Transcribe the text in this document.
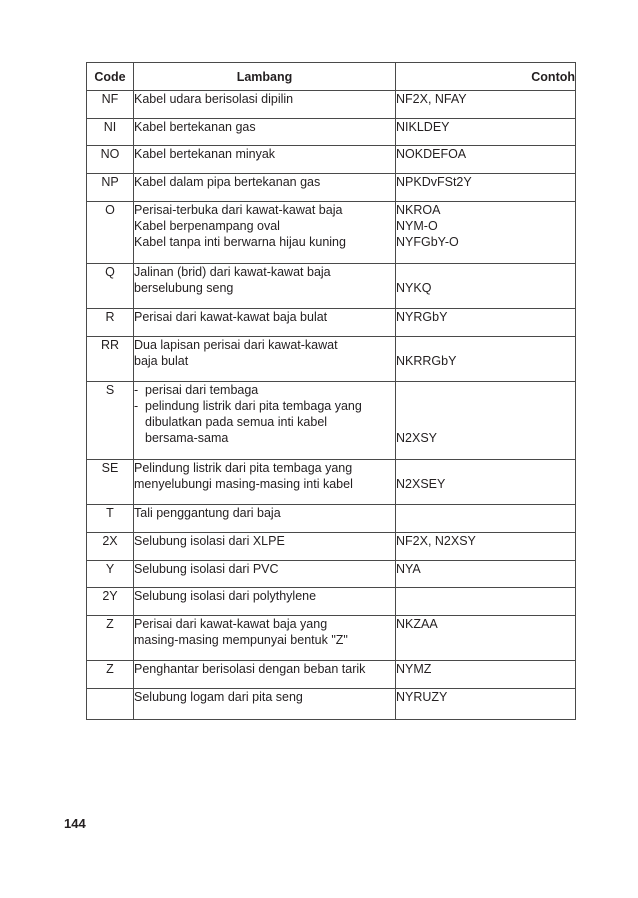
Code	Lambang	Contoh
NF	Kabel udara berisolasi dipilin	NF2X, NFAY

NI	Kabel bertekanan gas	NIKLDEY

NO	Kabel bertekanan minyak	NOKDEFOA

NP	Kabel dalam pipa bertekanan gas	NPKDvFSt2Y

O	Perisai-terbuka dari kawat-kawat baja
Kabel berpenampang oval
Kabel tanpa inti berwarna hijau kuning	NKROA
NYM-O
NYFGbY-O

Q	Jalinan (brid) dari kawat-kawat baja
berselubung seng	NYKQ

R	Perisai dari kawat-kawat baja bulat	NYRGbY

RR	Dua lapisan perisai dari kawat-kawat
baja bulat	NKRRGbY

S	- perisai dari tembaga
- pelindung listrik dari pita tembaga yang
dibulatkan pada semua inti kabel
bersama-sama	N2XSY

SE	Pelindung listrik dari pita tembaga yang
menyelubungi masing-masing inti kabel	N2XSEY

T	Tali penggantung dari baja	

2X	Selubung isolasi dari XLPE	NF2X, N2XSY

Y	Selubung isolasi dari PVC	NYA

2Y	Selubung isolasi dari polythylene	

Z	Perisai dari kawat-kawat baja yang
masing-masing mempunyai bentuk "Z"	NKZAA

Z	Penghantar berisolasi dengan beban tarik	NYMZ

	Selubung logam dari pita seng	NYRUZY
144
